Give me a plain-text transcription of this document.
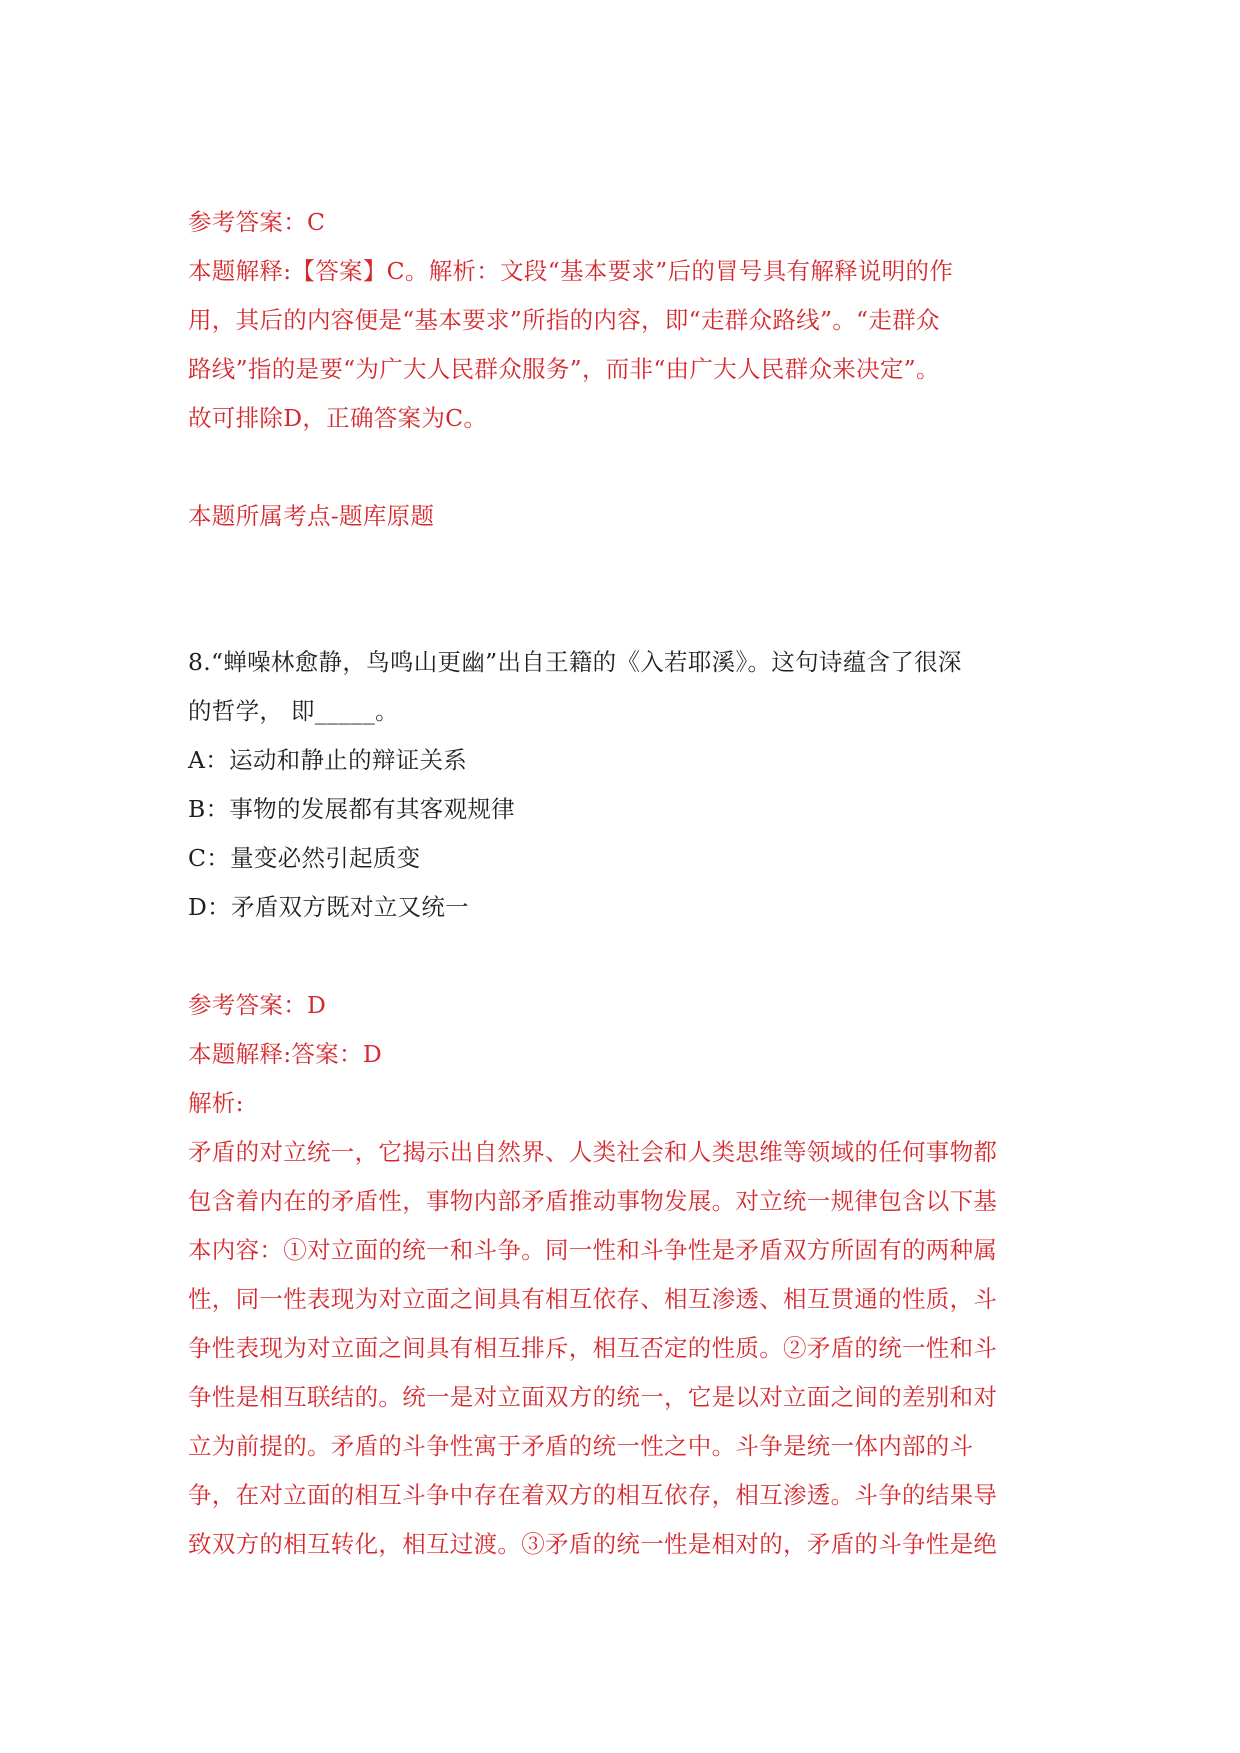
参考答案：C
本题解释:【答案】C。解析：文段“基本要求”后的冒号具有解释说明的作
用，其后的内容便是“基本要求”所指的内容，即“走群众路线”。“走群众
路线”指的是要“为广大人民群众服务”，而非“由广大人民群众来决定”。
故可排除D，正确答案为C。
本题所属考点-题库原题
8.“蝉噪林愈静，鸟鸣山更幽”出自王籍的《入若耶溪》。这句诗蕴含了很深
的哲学， 即_____。
A：运动和静止的辩证关系
B：事物的发展都有其客观规律
C：量变必然引起质变
D：矛盾双方既对立又统一
参考答案：D
本题解释:答案：D
解析:
矛盾的对立统一，它揭示出自然界、人类社会和人类思维等领域的任何事物都
包含着内在的矛盾性，事物内部矛盾推动事物发展。对立统一规律包含以下基
本内容：①对立面的统一和斗争。同一性和斗争性是矛盾双方所固有的两种属
性，同一性表现为对立面之间具有相互依存、相互渗透、相互贯通的性质，斗
争性表现为对立面之间具有相互排斥，相互否定的性质。②矛盾的统一性和斗
争性是相互联结的。统一是对立面双方的统一，它是以对立面之间的差别和对
立为前提的。矛盾的斗争性寓于矛盾的统一性之中。斗争是统一体内部的斗
争，在对立面的相互斗争中存在着双方的相互依存，相互渗透。斗争的结果导
致双方的相互转化，相互过渡。③矛盾的统一性是相对的，矛盾的斗争性是绝
